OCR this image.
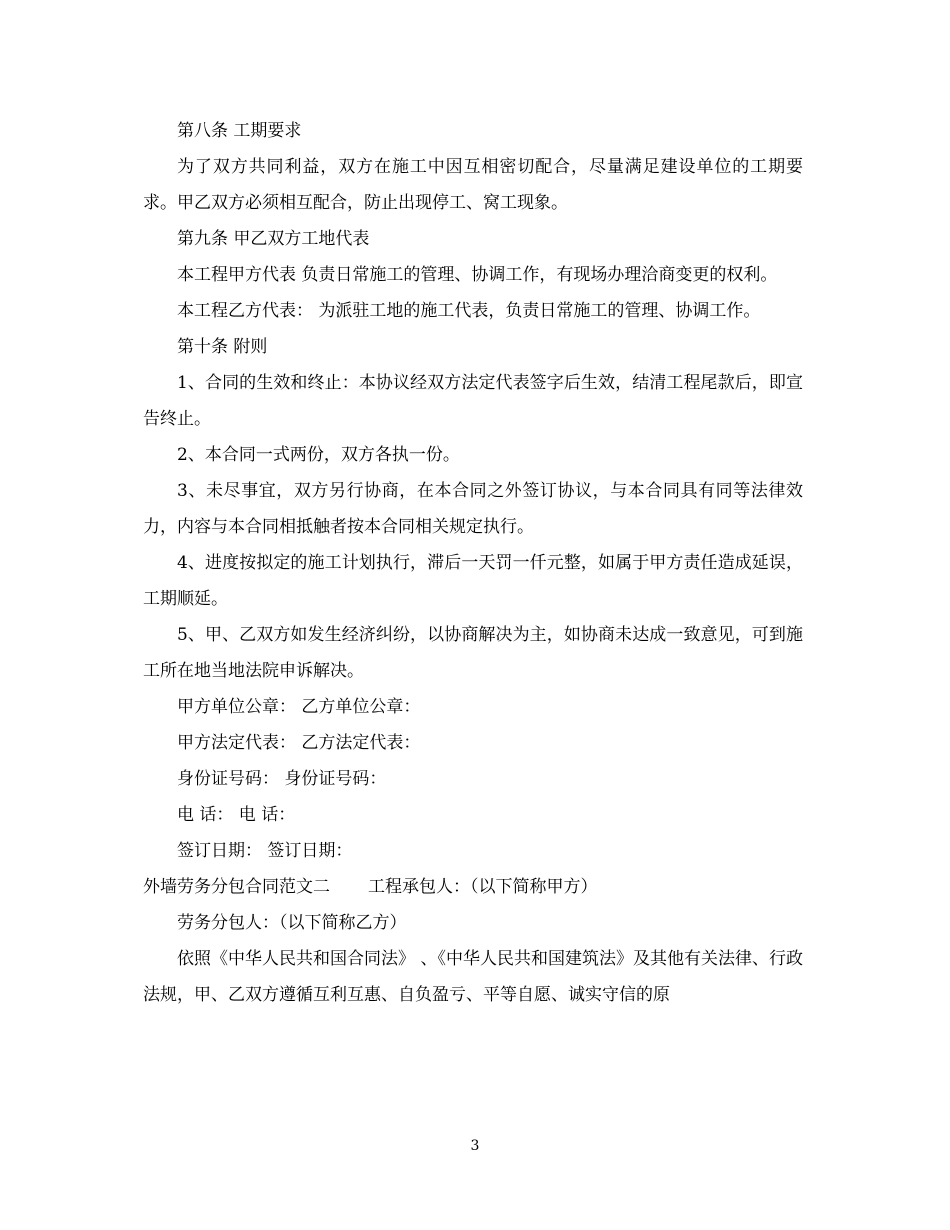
第八条 工期要求

为了双方共同利益，双方在施工中因互相密切配合，尽量满足建设单位的工期要求。甲乙双方必须相互配合，防止出现停工、窝工现象。

第九条 甲乙双方工地代表

本工程甲方代表 负责日常施工的管理、协调工作，有现场办理洽商变更的权利。

本工程乙方代表： 为派驻工地的施工代表，负责日常施工的管理、协调工作。

第十条 附则

1、合同的生效和终止：本协议经双方法定代表签字后生效，结清工程尾款后，即宣告终止。

2、本合同一式两份，双方各执一份。

3、未尽事宜，双方另行协商，在本合同之外签订协议，与本合同具有同等法律效力，内容与本合同相抵触者按本合同相关规定执行。

4、进度按拟定的施工计划执行，滞后一天罚一仟元整，如属于甲方责任造成延误，工期顺延。

5、甲、乙双方如发生经济纠纷，以协商解决为主，如协商未达成一致意见，可到施工所在地当地法院申诉解决。

甲方单位公章： 乙方单位公章：

甲方法定代表： 乙方法定代表：

身份证号码： 身份证号码：

电 话： 电 话：

签订日期： 签订日期：

外墙劳务分包合同范文二 工程承包人：（以下简称甲方）

劳务分包人：（以下简称乙方）

依照《中华人民共和国合同法》 、《中华人民共和国建筑法》及其他有关法律、行政法规，甲、乙双方遵循互利互惠、自负盈亏、平等自愿、诚实守信的原

3
